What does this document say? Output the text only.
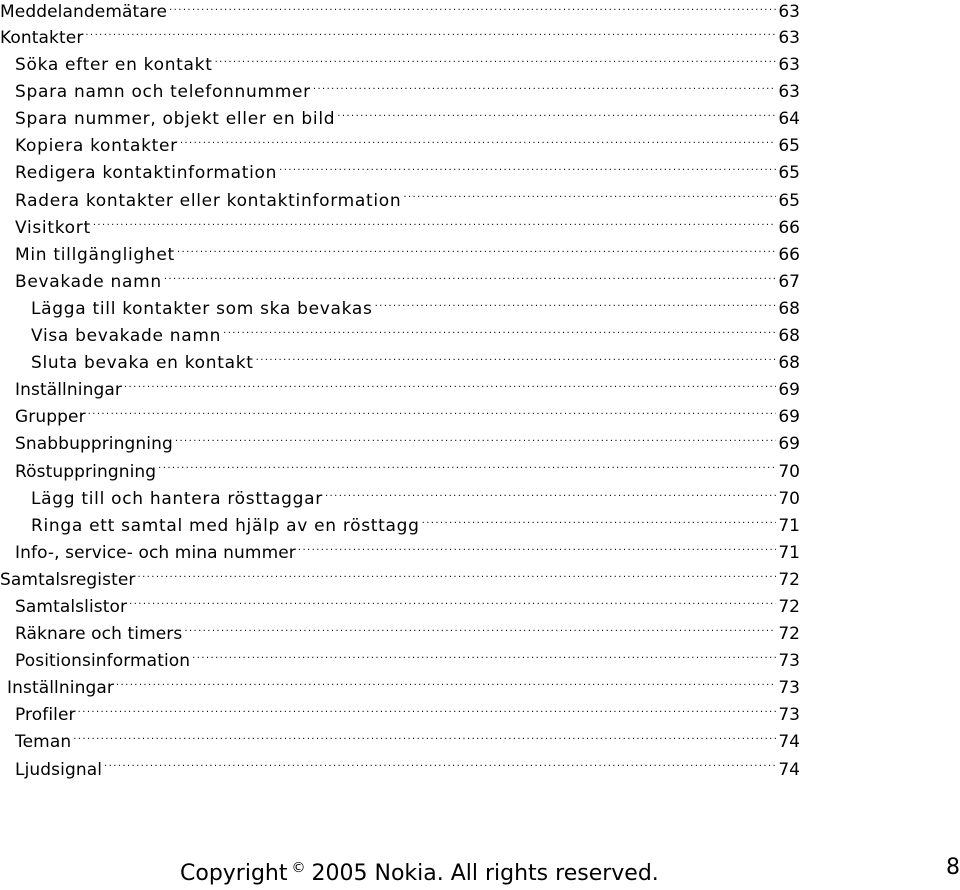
Meddelandemätare .....	63
Kontakter .....	63
Söka efter en kontakt .....	63
Spara namn och telefonnummer .....	63
Spara nummer, objekt eller en bild .....	64
Kopiera kontakter .....	65
Redigera kontaktinformation .....	65
Radera kontakter eller kontaktinformation .....	65
Visitkort .....	66
Min tillgänglighet .....	66
Bevakade namn .....	67
Lägga till kontakter som ska bevakas .....	68
Visa bevakade namn .....	68
Sluta bevaka en kontakt .....	68
Inställningar .....	69
Grupper .....	69
Snabbuppringning .....	69
Röstuppringning .....	70
Lägg till och hantera rösttaggar .....	70
Ringa ett samtal med hjälp av en rösttagg .....	71
Info-, service- och mina nummer .....	71
Samtalsregister .....	72
Samtalslistor .....	72
Räknare och timers .....	72
Positionsinformation .....	73
Inställningar .....	73
Profiler .....	73
Teman .....	74
Ljudsignal .....	74
Copyright © 2005 Nokia. All rights reserved.	8
